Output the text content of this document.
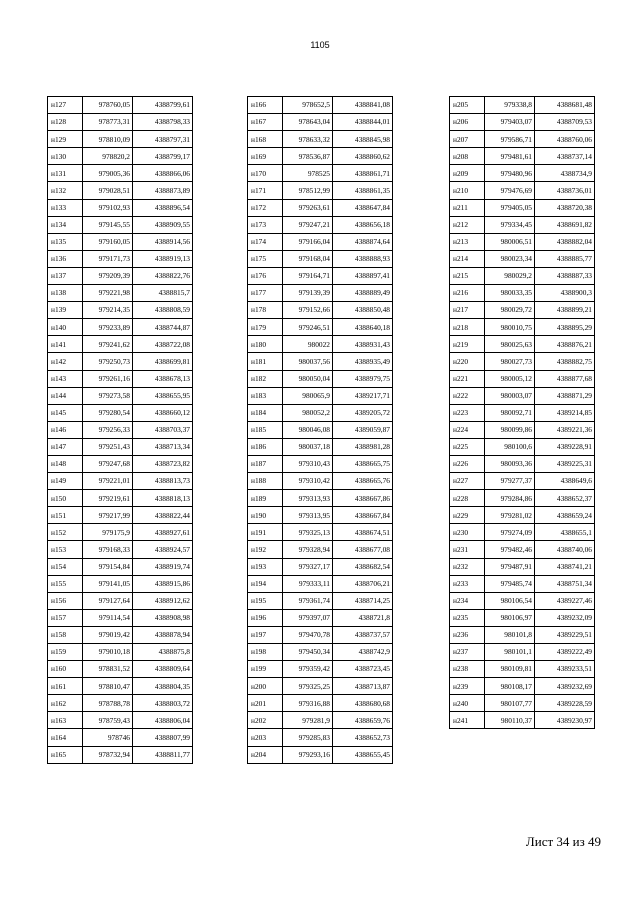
1105
н127	978760,05	4388799,61
н128	978773,31	4388798,33
н129	978810,09	4388797,31
н130	978820,2	4388799,17
н131	979005,36	4388866,06
н132	979028,51	4388873,89
н133	979102,93	4388896,54
н134	979145,55	4388909,55
н135	979160,05	4388914,56
н136	979171,73	4388919,13
н137	979209,39	4388822,76
н138	979221,98	4388815,7
н139	979214,35	4388808,59
н140	979233,89	4388744,87
н141	979241,62	4388722,08
н142	979250,73	4388699,81
н143	979261,16	4388678,13
н144	979273,58	4388655,95
н145	979280,54	4388660,12
н146	979256,33	4388703,37
н147	979251,43	4388713,34
н148	979247,68	4388723,82
н149	979221,01	4388813,73
н150	979219,61	4388818,13
н151	979217,99	4388822,44
н152	979175,9	4388927,61
н153	979168,33	4388924,57
н154	979154,84	4388919,74
н155	979141,05	4388915,86
н156	979127,64	4388912,62
н157	979114,54	4388908,98
н158	979019,42	4388878,94
н159	979010,18	4388875,8
н160	978831,52	4388809,64
н161	978810,47	4388804,35
н162	978788,78	4388803,72
н163	978759,43	4388806,04
н164	978746	4388807,99
н165	978732,94	4388811,77
н166	978652,5	4388841,08
н167	978643,04	4388844,01
н168	978633,32	4388845,98
н169	978536,87	4388860,62
н170	978525	4388861,71
н171	978512,99	4388861,35
н172	979263,61	4388647,84
н173	979247,21	4388656,18
н174	979166,04	4388874,64
н175	979168,04	4388888,93
н176	979164,71	4388897,41
н177	979139,39	4388889,49
н178	979152,66	4388850,48
н179	979246,51	4388640,18
н180	980022	4388931,43
н181	980037,56	4388935,49
н182	980050,04	4388979,75
н183	980065,9	4389217,71
н184	980052,2	4389205,72
н185	980046,08	4389059,87
н186	980037,18	4388981,28
н187	979310,43	4388665,75
н188	979310,42	4388665,76
н189	979313,93	4388667,86
н190	979313,95	4388667,84
н191	979325,13	4388674,51
н192	979328,94	4388677,08
н193	979327,17	4388682,54
н194	979333,11	4388706,21
н195	979361,74	4388714,25
н196	979397,07	4388721,8
н197	979470,78	4388737,57
н198	979450,34	4388742,9
н199	979359,42	4388723,45
н200	979325,25	4388713,87
н201	979316,88	4388680,68
н202	979281,9	4388659,76
н203	979285,83	4388652,73
н204	979293,16	4388655,45
н205	979338,8	4388681,48
н206	979403,07	4388709,53
н207	979586,71	4388760,06
н208	979481,61	4388737,14
н209	979480,96	4388734,9
н210	979476,69	4388736,01
н211	979405,05	4388720,38
н212	979334,45	4388691,82
н213	980006,51	4388882,04
н214	980023,34	4388885,77
н215	980029,2	4388887,33
н216	980033,35	4388900,3
н217	980029,72	4388899,21
н218	980010,75	4388895,29
н219	980025,63	4388876,21
н220	980027,73	4388882,75
н221	980005,12	4388877,68
н222	980003,07	4388871,29
н223	980092,71	4389214,85
н224	980099,86	4389221,36
н225	980100,6	4389228,91
н226	980093,36	4389225,31
н227	979277,37	4388649,6
н228	979284,86	4388652,37
н229	979281,02	4388659,24
н230	979274,09	4388655,1
н231	979482,46	4388740,06
н232	979487,91	4388741,21
н233	979485,74	4388751,34
н234	980106,54	4389227,46
н235	980106,97	4389232,09
н236	980101,8	4389229,51
н237	980101,1	4389222,49
н238	980109,81	4389233,51
н239	980108,17	4389232,69
н240	980107,77	4389228,59
н241	980110,37	4389230,97
Лист 34 из 49
